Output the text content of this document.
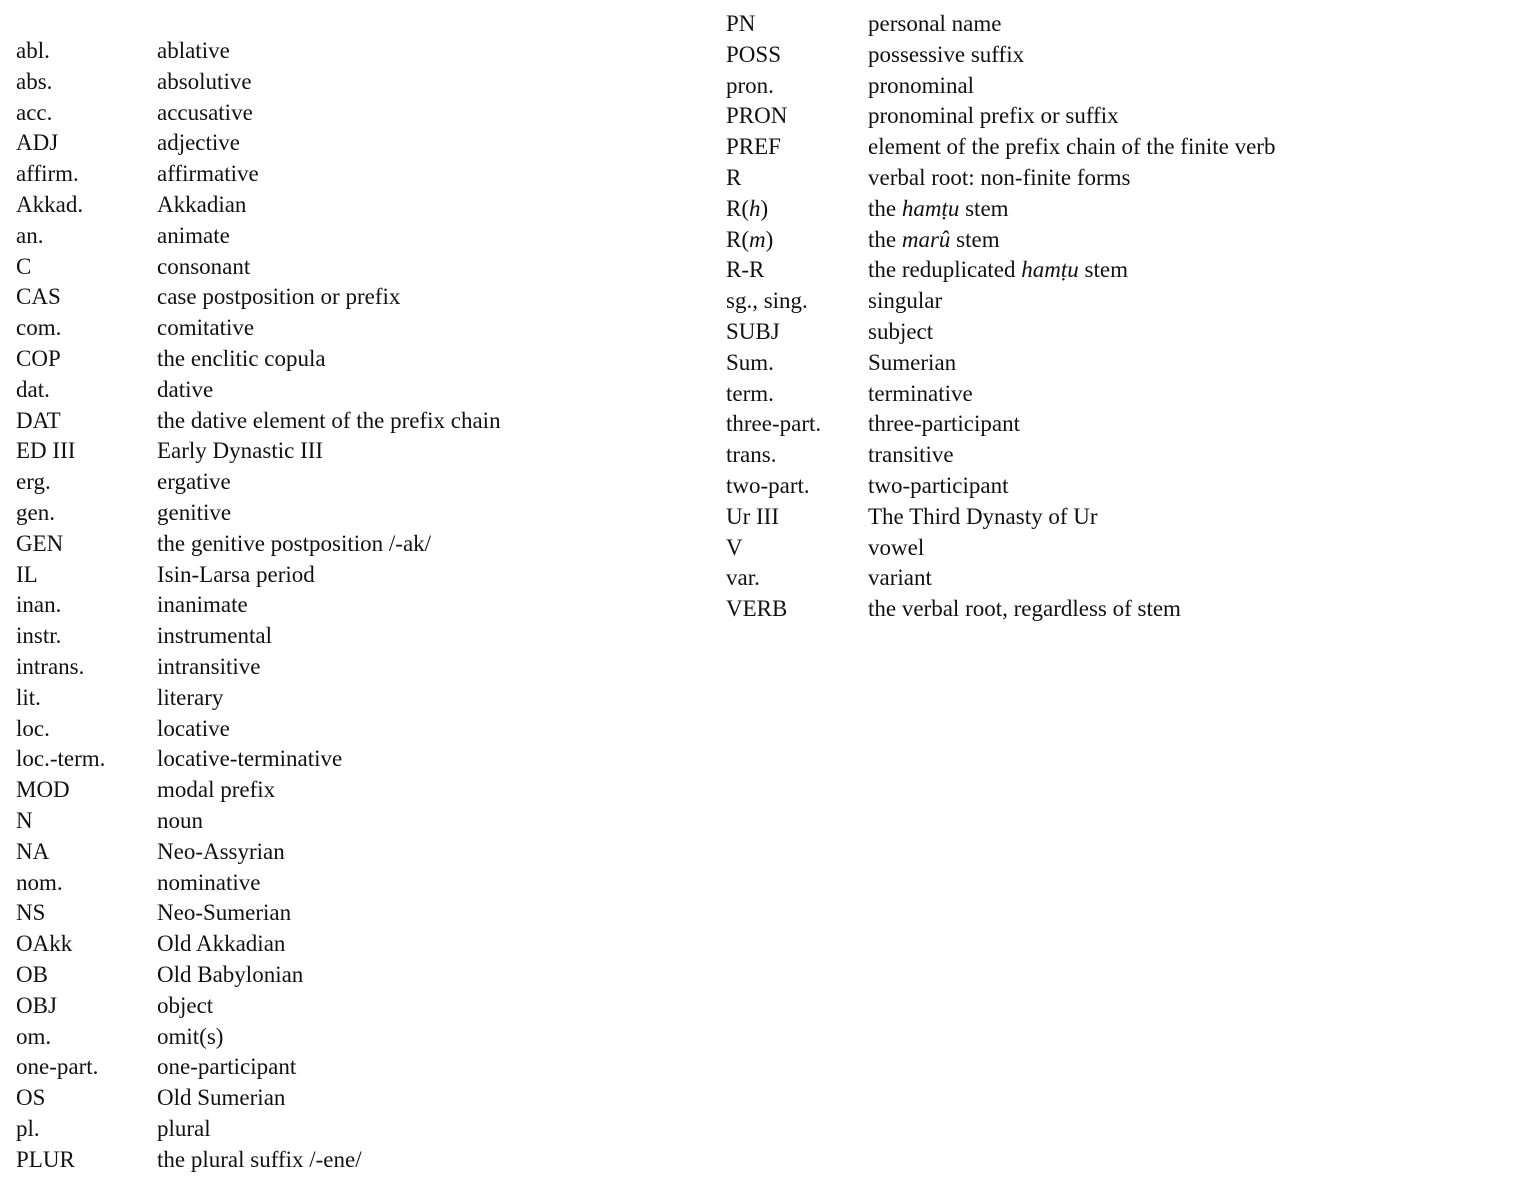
abl.	ablative
abs.	absolutive
acc.	accusative
ADJ	adjective
affirm.	affirmative
Akkad.	Akkadian
an.	animate
C	consonant
CAS	case postposition or prefix
com.	comitative
COP	the enclitic copula
dat.	dative
DAT	the dative element of the prefix chain
ED III	Early Dynastic III
erg.	ergative
gen.	genitive
GEN	the genitive postposition /-ak/
IL	Isin-Larsa period
inan.	inanimate
instr.	instrumental
intrans.	intransitive
lit.	literary
loc.	locative
loc.-term.	locative-terminative
MOD	modal prefix
N	noun
NA	Neo-Assyrian
nom.	nominative
NS	Neo-Sumerian
OAkk	Old Akkadian
OB	Old Babylonian
OBJ	object
om.	omit(s)
one-part.	one-participant
OS	Old Sumerian
pl.	plural
PLUR	the plural suffix /-ene/
PN	personal name
POSS	possessive suffix
pron.	pronominal
PRON	pronominal prefix or suffix
PREF	element of the prefix chain of the finite verb
R	verbal root: non-finite forms
R(h)	the hamṭu stem
R(m)	the marû stem
R-R	the reduplicated hamṭu stem
sg., sing.	singular
SUBJ	subject
Sum.	Sumerian
term.	terminative
three-part.	three-participant
trans.	transitive
two-part.	two-participant
Ur III	The Third Dynasty of Ur
V	vowel
var.	variant
VERB	the verbal root, regardless of stem
